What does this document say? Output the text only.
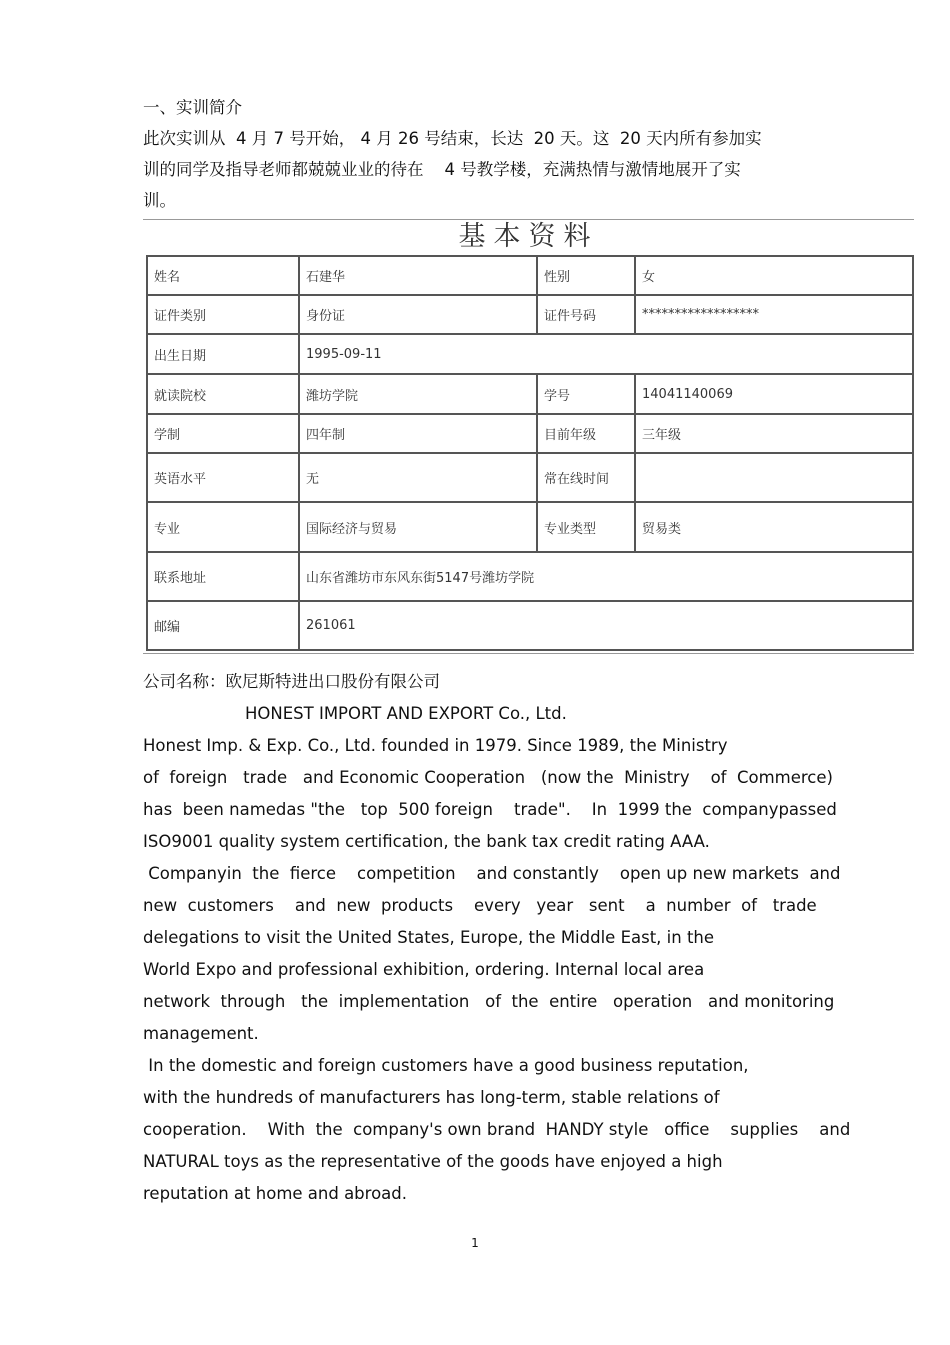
一、实训简介

此次实训从  4 月 7 号开始， 4 月 26 号结束，长达  20 天。这  20 天内所有参加实

训的同学及指导老师都兢兢业业的待在    4 号教学楼，充满热情与激情地展开了实

训。

基本资料
姓名	石建华	性别	女
证件类别	身份证	证件号码	******************
出生日期	1995-09-11		
就读院校	潍坊学院	学号	14041140069
学制	四年制	目前年级	三年级
英语水平	无	常在线时间	
专业	国际经济与贸易	专业类型	贸易类
联系地址	山东省潍坊市东风东街5147号潍坊学院		
邮编	261061		

公司名称：欧尼斯特进出口股份有限公司

HONEST IMPORT AND EXPORT Co., Ltd.

Honest Imp. & Exp. Co., Ltd. founded in 1979. Since 1989, the Ministry

of  foreign   trade   and Economic Cooperation   (now the  Ministry    of  Commerce)

has  been namedas "the   top  500 foreign    trade".    In  1999 the  companypassed

ISO9001 quality system certification, the bank tax credit rating AAA.

Companyin  the  fierce    competition    and constantly    open up new markets  and

new  customers    and  new  products    every   year   sent    a  number  of   trade

delegations to visit the United States, Europe, the Middle East, in the

World Expo and professional exhibition, ordering. Internal local area

network  through   the  implementation   of  the  entire   operation   and monitoring

management.

In the domestic and foreign customers have a good business reputation,

with the hundreds of manufacturers has long-term, stable relations of

cooperation.    With  the  company's own brand  HANDY style   office    supplies    and

NATURAL toys as the representative of the goods have enjoyed a high

reputation at home and abroad.

1
